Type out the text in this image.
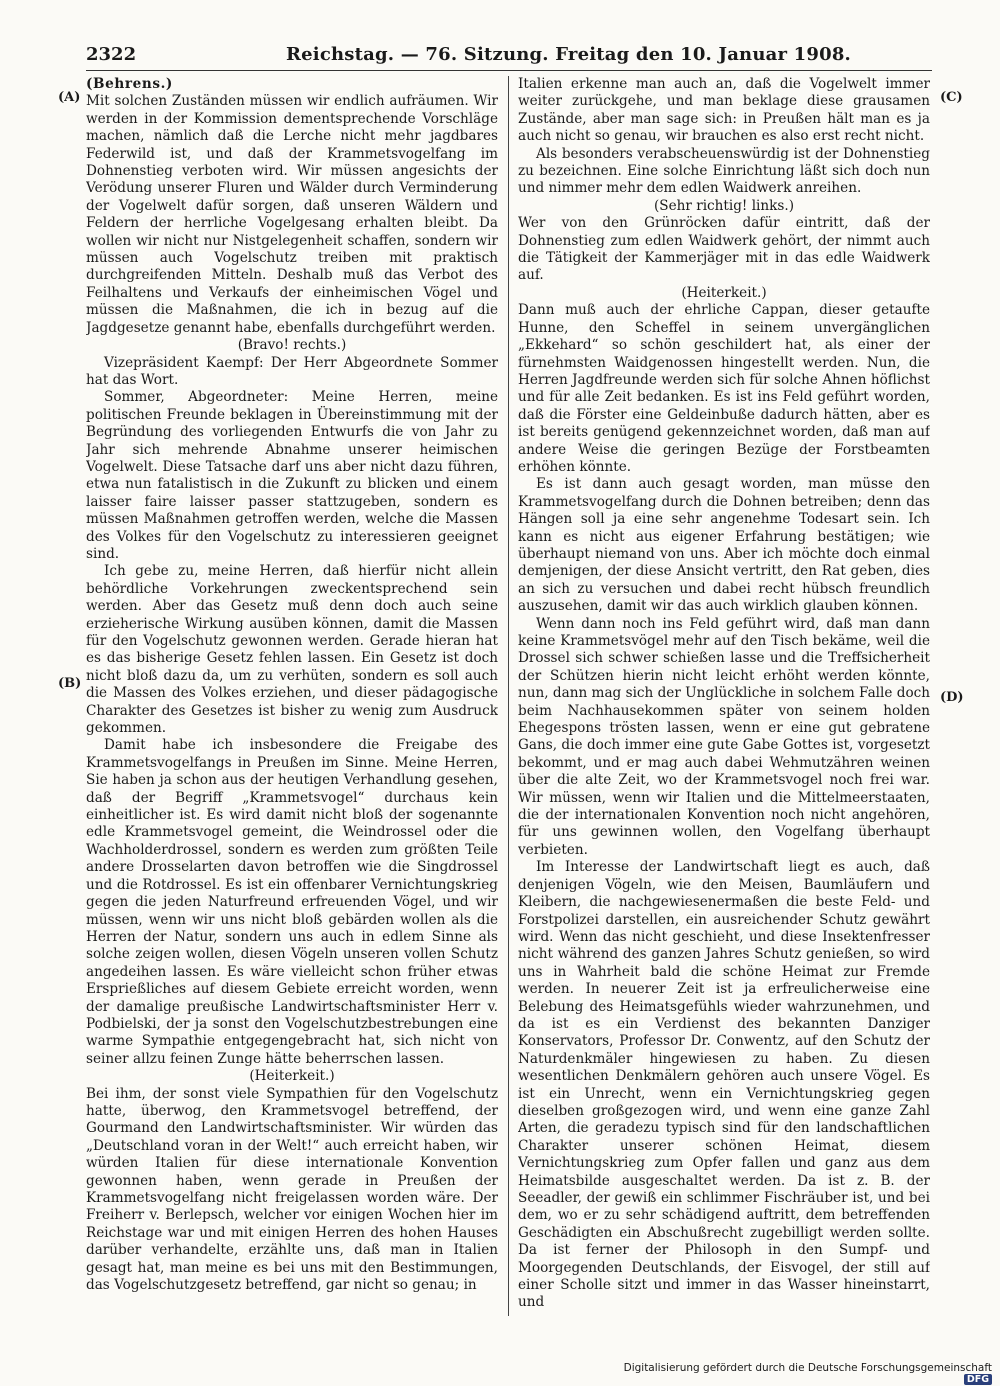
2322	Reichstag. — 76. Sitzung. Freitag den 10. Januar 1908.
(A)
(B)
(C)
(D)

(Behrens.)

Mit solchen Zuständen müssen wir endlich aufräumen. Wir werden in der Kommission dementsprechende Vorschläge machen, nämlich daß die Lerche nicht mehr jagdbares Federwild ist, und daß der Krammetsvogelfang im Dohnenstieg verboten wird. Wir müssen angesichts der Verödung unserer Fluren und Wälder durch Verminderung der Vogelwelt dafür sorgen, daß unseren Wäldern und Feldern der herrliche Vogelgesang erhalten bleibt. Da wollen wir nicht nur Nistgelegenheit schaffen, sondern wir müssen auch Vogelschutz treiben mit praktisch durchgreifenden Mitteln. Deshalb muß das Verbot des Feilhaltens und Verkaufs der einheimischen Vögel und müssen die Maßnahmen, die ich in bezug auf die Jagdgesetze genannt habe, ebenfalls durchgeführt werden.

(Bravo! rechts.)

Vizepräsident Kaempf: Der Herr Abgeordnete Sommer hat das Wort.

Sommer, Abgeordneter: Meine Herren, meine politischen Freunde beklagen in Übereinstimmung mit der Begründung des vorliegenden Entwurfs die von Jahr zu Jahr sich mehrende Abnahme unserer heimischen Vogelwelt. Diese Tatsache darf uns aber nicht dazu führen, etwa nun fatalistisch in die Zukunft zu blicken und einem laisser faire laisser passer stattzugeben, sondern es müssen Maßnahmen getroffen werden, welche die Massen des Volkes für den Vogelschutz zu interessieren geeignet sind.

Ich gebe zu, meine Herren, daß hierfür nicht allein behördliche Vorkehrungen zweckentsprechend sein werden. Aber das Gesetz muß denn doch auch seine erzieherische Wirkung ausüben können, damit die Massen für den Vogelschutz gewonnen werden. Gerade hieran hat es das bisherige Gesetz fehlen lassen. Ein Gesetz ist doch nicht bloß dazu da, um zu verhüten, sondern es soll auch die Massen des Volkes erziehen, und dieser pädagogische Charakter des Gesetzes ist bisher zu wenig zum Ausdruck gekommen.

Damit habe ich insbesondere die Freigabe des Krammetsvogelfangs in Preußen im Sinne. Meine Herren, Sie haben ja schon aus der heutigen Verhandlung gesehen, daß der Begriff „Krammetsvogel“ durchaus kein einheitlicher ist. Es wird damit nicht bloß der sogenannte edle Krammetsvogel gemeint, die Weindrossel oder die Wachholderdrossel, sondern es werden zum größten Teile andere Drosselarten davon betroffen wie die Singdrossel und die Rotdrossel. Es ist ein offenbarer Vernichtungskrieg gegen die jeden Naturfreund erfreuenden Vögel, und wir müssen, wenn wir uns nicht bloß gebärden wollen als die Herren der Natur, sondern uns auch in edlem Sinne als solche zeigen wollen, diesen Vögeln unseren vollen Schutz angedeihen lassen. Es wäre vielleicht schon früher etwas Ersprießliches auf diesem Gebiete erreicht worden, wenn der damalige preußische Landwirtschaftsminister Herr v. Podbielski, der ja sonst den Vogelschutzbestrebungen eine warme Sympathie entgegengebracht hat, sich nicht von seiner allzu feinen Zunge hätte beherrschen lassen.

(Heiterkeit.)

Bei ihm, der sonst viele Sympathien für den Vogelschutz hatte, überwog, den Krammetsvogel betreffend, der Gourmand den Landwirtschaftsminister. Wir würden das „Deutschland voran in der Welt!“ auch erreicht haben, wir würden Italien für diese internationale Konvention gewonnen haben, wenn gerade in Preußen der Krammetsvogelfang nicht freigelassen worden wäre. Der Freiherr v. Berlepsch, welcher vor einigen Wochen hier im Reichstage war und mit einigen Herren des hohen Hauses darüber verhandelte, erzählte uns, daß man in Italien gesagt hat, man meine es bei uns mit den Bestimmungen, das Vogelschutzgesetz betreffend, gar nicht so genau; in

Italien erkenne man auch an, daß die Vogelwelt immer weiter zurückgehe, und man beklage diese grausamen Zustände, aber man sage sich: in Preußen hält man es ja auch nicht so genau, wir brauchen es also erst recht nicht.

Als besonders verabscheuenswürdig ist der Dohnenstieg zu bezeichnen. Eine solche Einrichtung läßt sich doch nun und nimmer mehr dem edlen Waidwerk anreihen.

(Sehr richtig! links.)

Wer von den Grünröcken dafür eintritt, daß der Dohnenstieg zum edlen Waidwerk gehört, der nimmt auch die Tätigkeit der Kammerjäger mit in das edle Waidwerk auf.

(Heiterkeit.)

Dann muß auch der ehrliche Cappan, dieser getaufte Hunne, den Scheffel in seinem unvergänglichen „Ekkehard“ so schön geschildert hat, als einer der fürnehmsten Waidgenossen hingestellt werden. Nun, die Herren Jagdfreunde werden sich für solche Ahnen höflichst und für alle Zeit bedanken. Es ist ins Feld geführt worden, daß die Förster eine Geldeinbuße dadurch hätten, aber es ist bereits genügend gekennzeichnet worden, daß man auf andere Weise die geringen Bezüge der Forstbeamten erhöhen könnte.

Es ist dann auch gesagt worden, man müsse den Krammetsvogelfang durch die Dohnen betreiben; denn das Hängen soll ja eine sehr angenehme Todesart sein. Ich kann es nicht aus eigener Erfahrung bestätigen; wie überhaupt niemand von uns. Aber ich möchte doch einmal demjenigen, der diese Ansicht vertritt, den Rat geben, dies an sich zu versuchen und dabei recht hübsch freundlich auszusehen, damit wir das auch wirklich glauben können.

Wenn dann noch ins Feld geführt wird, daß man dann keine Krammetsvögel mehr auf den Tisch bekäme, weil die Drossel sich schwer schießen lasse und die Treffsicherheit der Schützen hierin nicht leicht erhöht werden könnte, nun, dann mag sich der Unglückliche in solchem Falle doch beim Nachhausekommen später von seinem holden Ehegespons trösten lassen, wenn er eine gut gebratene Gans, die doch immer eine gute Gabe Gottes ist, vorgesetzt bekommt, und er mag auch dabei Wehmutzähren weinen über die alte Zeit, wo der Krammetsvogel noch frei war. Wir müssen, wenn wir Italien und die Mittelmeerstaaten, die der internationalen Konvention noch nicht angehören, für uns gewinnen wollen, den Vogelfang überhaupt verbieten.

Im Interesse der Landwirtschaft liegt es auch, daß denjenigen Vögeln, wie den Meisen, Baumläufern und Kleibern, die nachgewiesenermaßen die beste Feld- und Forstpolizei darstellen, ein ausreichender Schutz gewährt wird. Wenn das nicht geschieht, und diese Insektenfresser nicht während des ganzen Jahres Schutz genießen, so wird uns in Wahrheit bald die schöne Heimat zur Fremde werden. In neuerer Zeit ist ja erfreulicherweise eine Belebung des Heimatsgefühls wieder wahrzunehmen, und da ist es ein Verdienst des bekannten Danziger Konservators, Professor Dr. Conwentz, auf den Schutz der Naturdenkmäler hingewiesen zu haben. Zu diesen wesentlichen Denkmälern gehören auch unsere Vögel. Es ist ein Unrecht, wenn ein Vernichtungskrieg gegen dieselben großgezogen wird, und wenn eine ganze Zahl Arten, die geradezu typisch sind für den landschaftlichen Charakter unserer schönen Heimat, diesem Vernichtungskrieg zum Opfer fallen und ganz aus dem Heimatsbilde ausgeschaltet werden. Da ist z. B. der Seeadler, der gewiß ein schlimmer Fischräuber ist, und bei dem, wo er zu sehr schädigend auftritt, dem betreffenden Geschädigten ein Abschußrecht zugebilligt werden sollte. Da ist ferner der Philosoph in den Sumpf- und Moorgegenden Deutschlands, der Eisvogel, der still auf einer Scholle sitzt und immer in das Wasser hineinstarrt, und

Digitalisierung gefördert durch die Deutsche Forschungsgemeinschaft DFG
